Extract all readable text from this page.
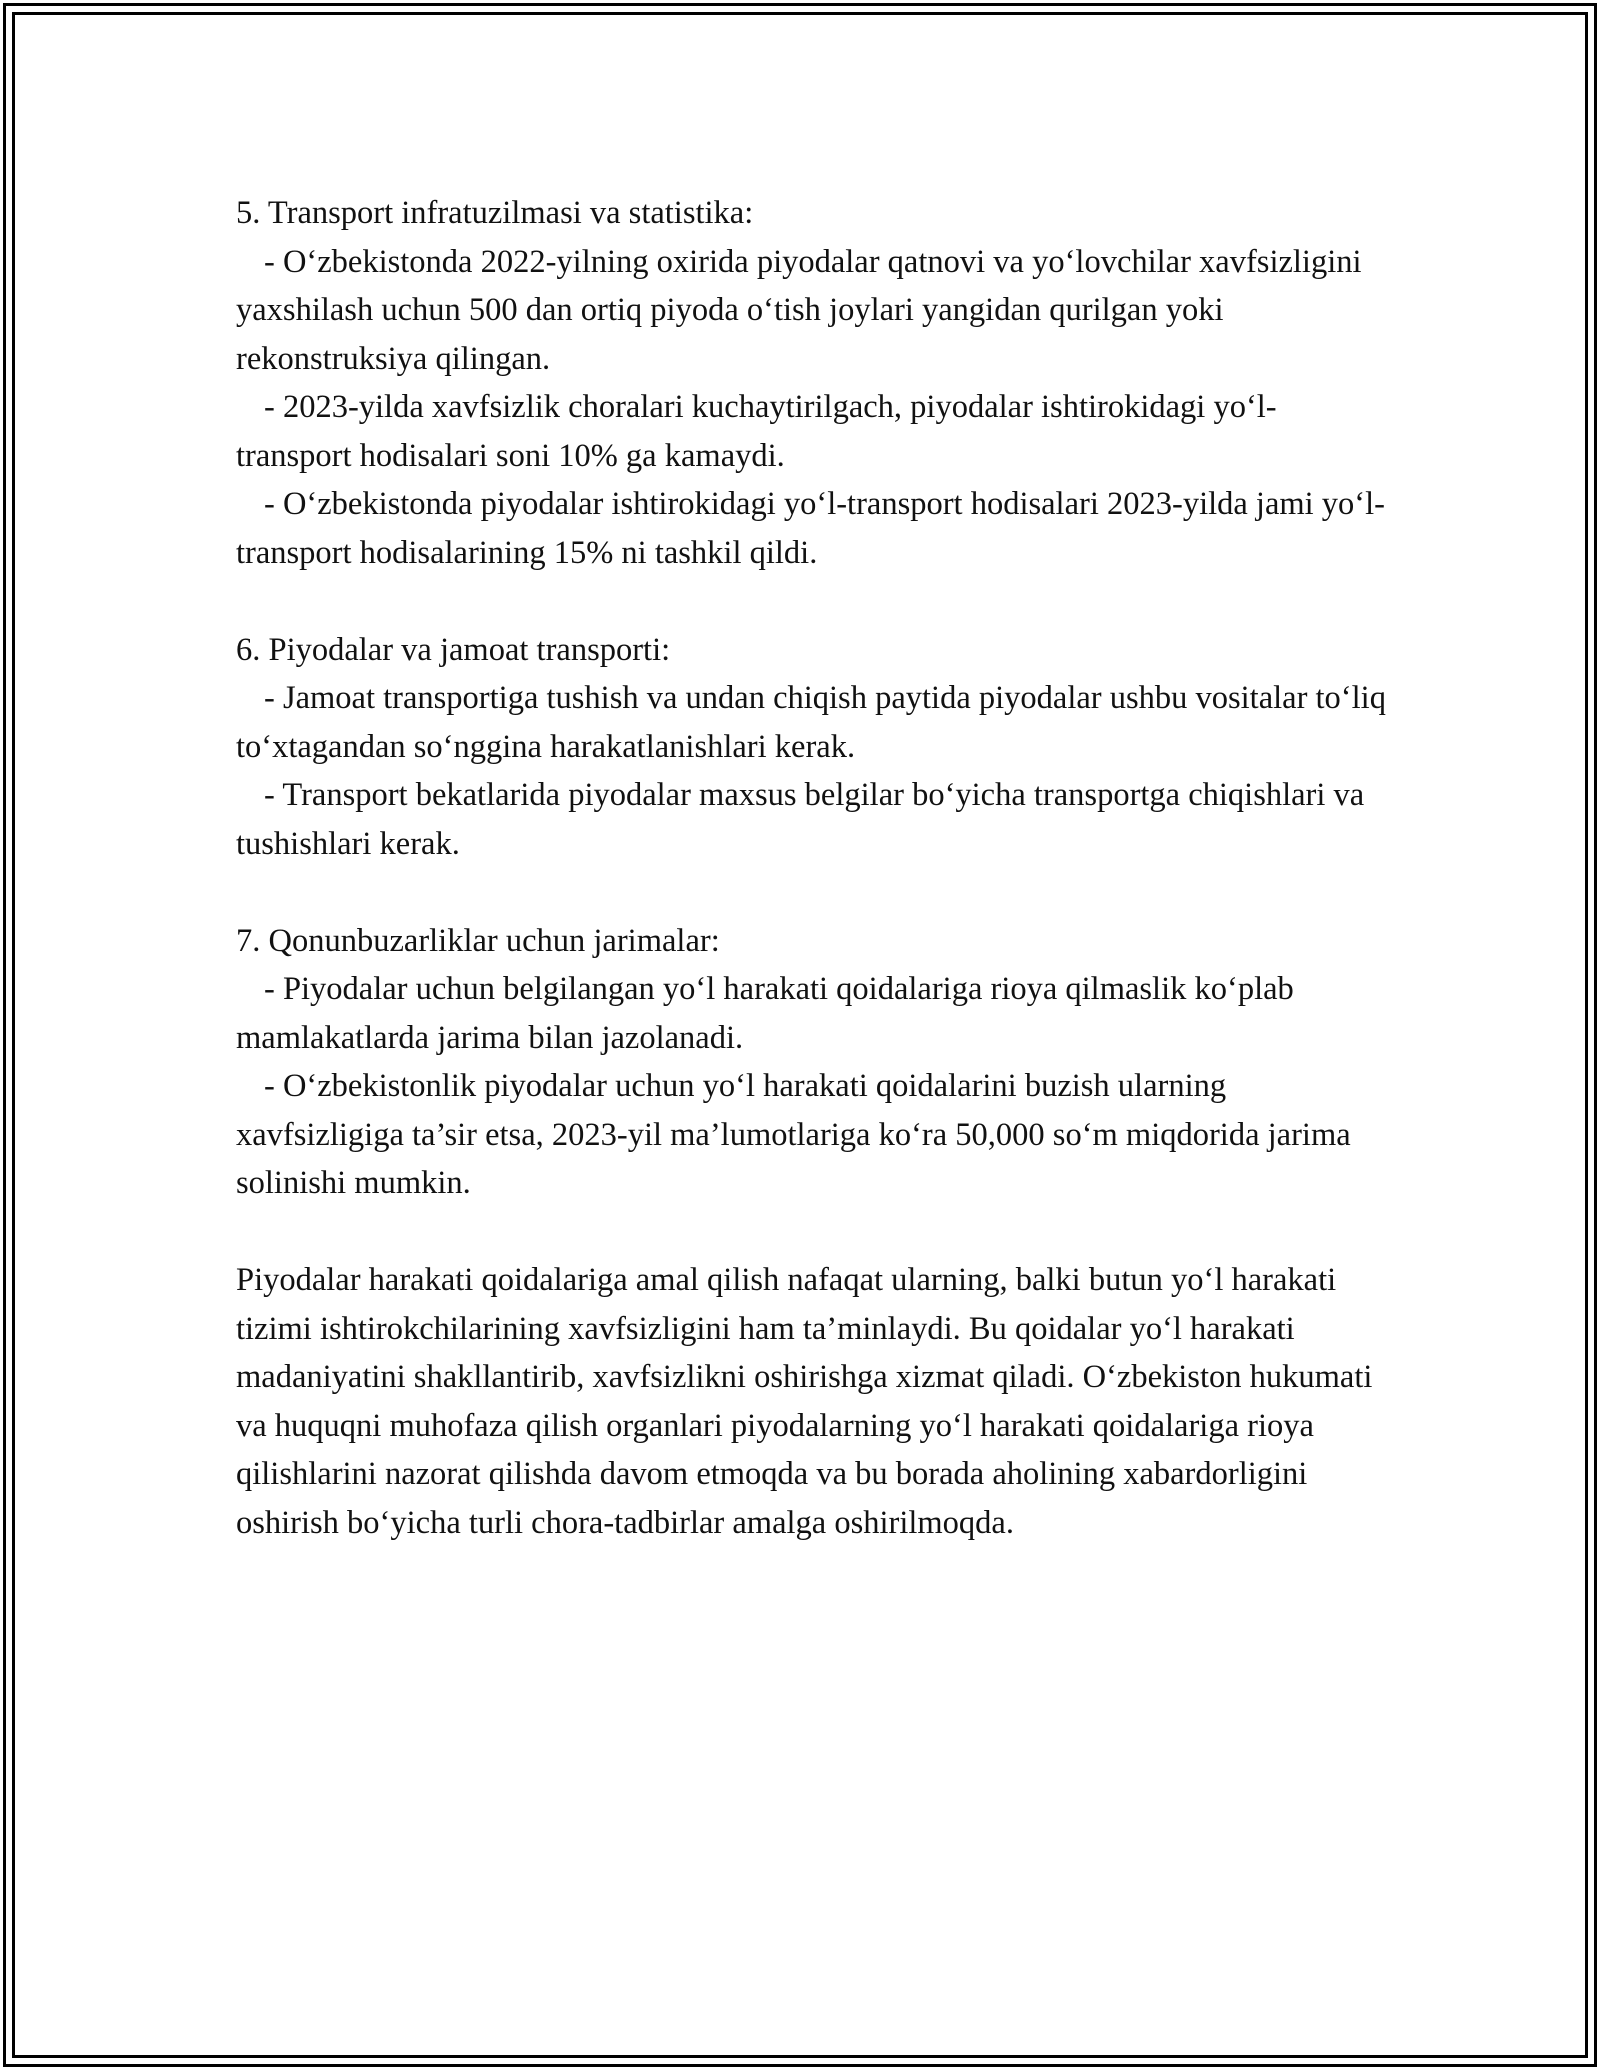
5. Transport infratuzilmasi va statistika:
- O‘zbekistonda 2022-yilning oxirida piyodalar qatnovi va yo‘lovchilar xavfsizligini yaxshilash uchun 500 dan ortiq piyoda o‘tish joylari yangidan qurilgan yoki rekonstruksiya qilingan.
- 2023-yilda xavfsizlik choralari kuchaytirilgach, piyodalar ishtirokidagi yo‘l-transport hodisalari soni 10% ga kamaydi.
- O‘zbekistonda piyodalar ishtirokidagi yo‘l-transport hodisalari 2023-yilda jami yo‘l-transport hodisalarining 15% ni tashkil qildi.
6. Piyodalar va jamoat transporti:
- Jamoat transportiga tushish va undan chiqish paytida piyodalar ushbu vositalar to‘liq to‘xtagandan so‘nggina harakatlanishlari kerak.
- Transport bekatlarida piyodalar maxsus belgilar bo‘yicha transportga chiqishlari va tushishlari kerak.
7. Qonunbuzarliklar uchun jarimalar:
- Piyodalar uchun belgilangan yo‘l harakati qoidalariga rioya qilmaslik ko‘plab mamlakatlarda jarima bilan jazolanadi.
- O‘zbekistonlik piyodalar uchun yo‘l harakati qoidalarini buzish ularning xavfsizligiga ta’sir etsa, 2023-yil ma’lumotlariga ko‘ra 50,000 so‘m miqdorida jarima solinishi mumkin.
Piyodalar harakati qoidalariga amal qilish nafaqat ularning, balki butun yo‘l harakati tizimi ishtirokchilarining xavfsizligini ham ta’minlaydi. Bu qoidalar yo‘l harakati madaniyatini shakllantirib, xavfsizlikni oshirishga xizmat qiladi. O‘zbekiston hukumati va huquqni muhofaza qilish organlari piyodalarning yo‘l harakati qoidalariga rioya qilishlarini nazorat qilishda davom etmoqda va bu borada aholining xabardorligini oshirish bo‘yicha turli chora-tadbirlar amalga oshirilmoqda.
